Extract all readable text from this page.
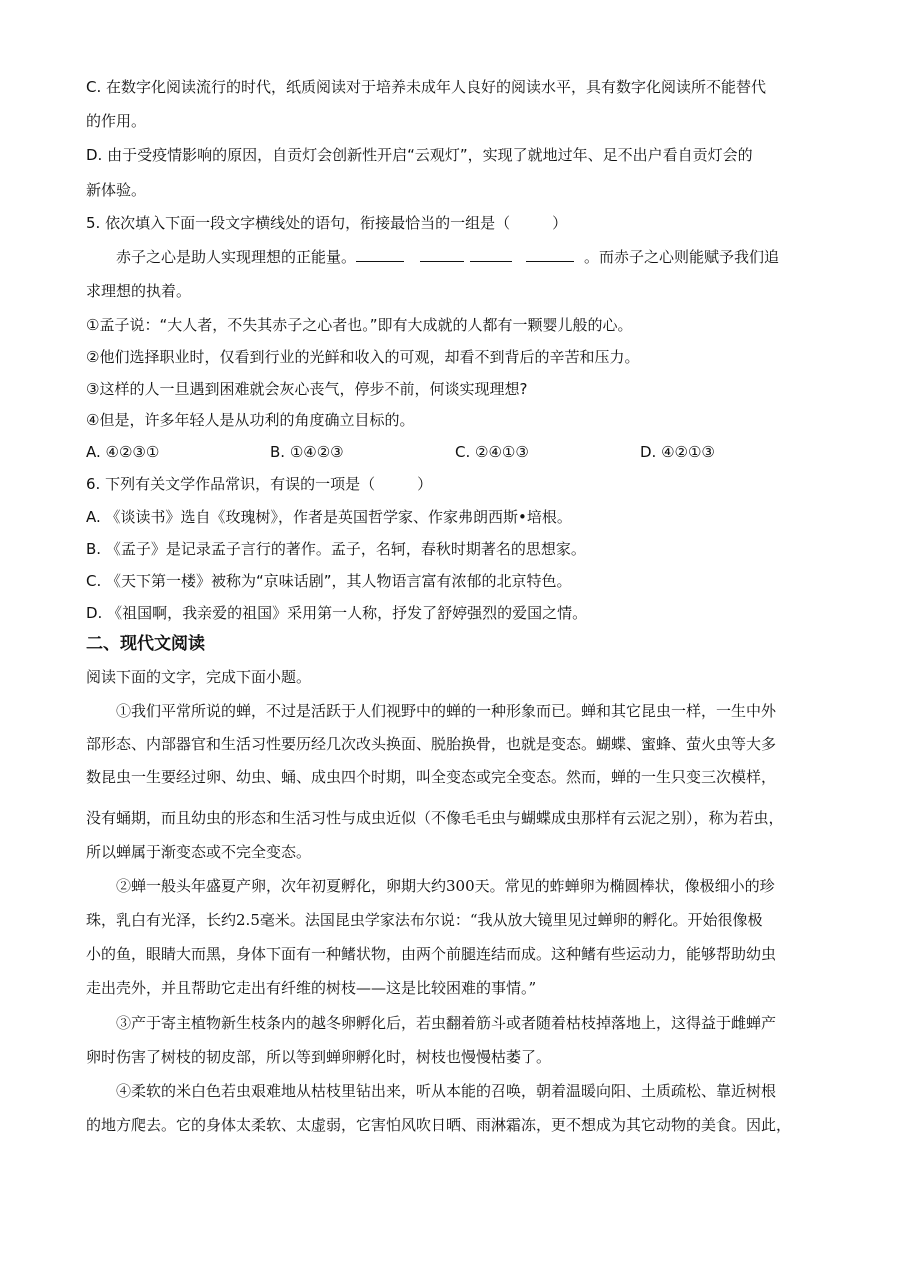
C. 在数字化阅读流行的时代，纸质阅读对于培养未成年人良好的阅读水平，具有数字化阅读所不能替代
的作用。
D. 由于受疫情影响的原因，自贡灯会创新性开启“云观灯”，实现了就地过年、足不出户看自贡灯会的
新体验。
5. 依次填入下面一段文字横线处的语句，衔接最恰当的一组是（	）
赤子之心是助人实现理想的正能量。	。而赤子之心则能赋予我们追
求理想的执着。
①孟子说：“大人者，不失其赤子之心者也。”即有大成就的人都有一颗婴儿般的心。
②他们选择职业时，仅看到行业的光鲜和收入的可观，却看不到背后的辛苦和压力。
③这样的人一旦遇到困难就会灰心丧气，停步不前，何谈实现理想?
④但是，许多年轻人是从功利的角度确立目标的。
A. ④②③①	B. ①④②③	C. ②④①③	D. ④②①③
6. 下列有关文学作品常识，有误的一项是（	）
A. 《谈读书》选自《玫瑰树》，作者是英国哲学家、作家弗朗西斯•培根。
B. 《孟子》是记录孟子言行的著作。孟子，名轲，春秋时期著名的思想家。
C. 《天下第一楼》被称为“京味话剧”，其人物语言富有浓郁的北京特色。
D. 《祖国啊，我亲爱的祖国》采用第一人称，抒发了舒婷强烈的爱国之情。
二、现代文阅读
阅读下面的文字，完成下面小题。
①我们平常所说的蝉，不过是活跃于人们视野中的蝉的一种形象而已。蝉和其它昆虫一样，一生中外
部形态、内部器官和生活习性要历经几次改头换面、脱胎换骨，也就是变态。蝴蝶、蜜蜂、萤火虫等大多
数昆虫一生要经过卵、幼虫、蛹、成虫四个时期，叫全变态或完全变态。然而，蝉的一生只变三次模样，
没有蛹期，而且幼虫的形态和生活习性与成虫近似（不像毛毛虫与蝴蝶成虫那样有云泥之别），称为若虫，
所以蝉属于渐变态或不完全变态。
②蝉一般头年盛夏产卵，次年初夏孵化，卵期大约300天。常见的蚱蝉卵为椭圆棒状，像极细小的珍
珠，乳白有光泽，长约2.5毫米。法国昆虫学家法布尔说：“我从放大镜里见过蝉卵的孵化。开始很像极
小的鱼，眼睛大而黑，身体下面有一种鳍状物，由两个前腿连结而成。这种鳍有些运动力，能够帮助幼虫
走出壳外，并且帮助它走出有纤维的树枝——这是比较困难的事情。”
③产于寄主植物新生枝条内的越冬卵孵化后，若虫翻着筋斗或者随着枯枝掉落地上，这得益于雌蝉产
卵时伤害了树枝的韧皮部，所以等到蝉卵孵化时，树枝也慢慢枯萎了。
④柔软的米白色若虫艰难地从枯枝里钻出来，听从本能的召唤，朝着温暖向阳、土质疏松、靠近树根
的地方爬去。它的身体太柔软、太虚弱，它害怕风吹日晒、雨淋霜冻，更不想成为其它动物的美食。因此，
